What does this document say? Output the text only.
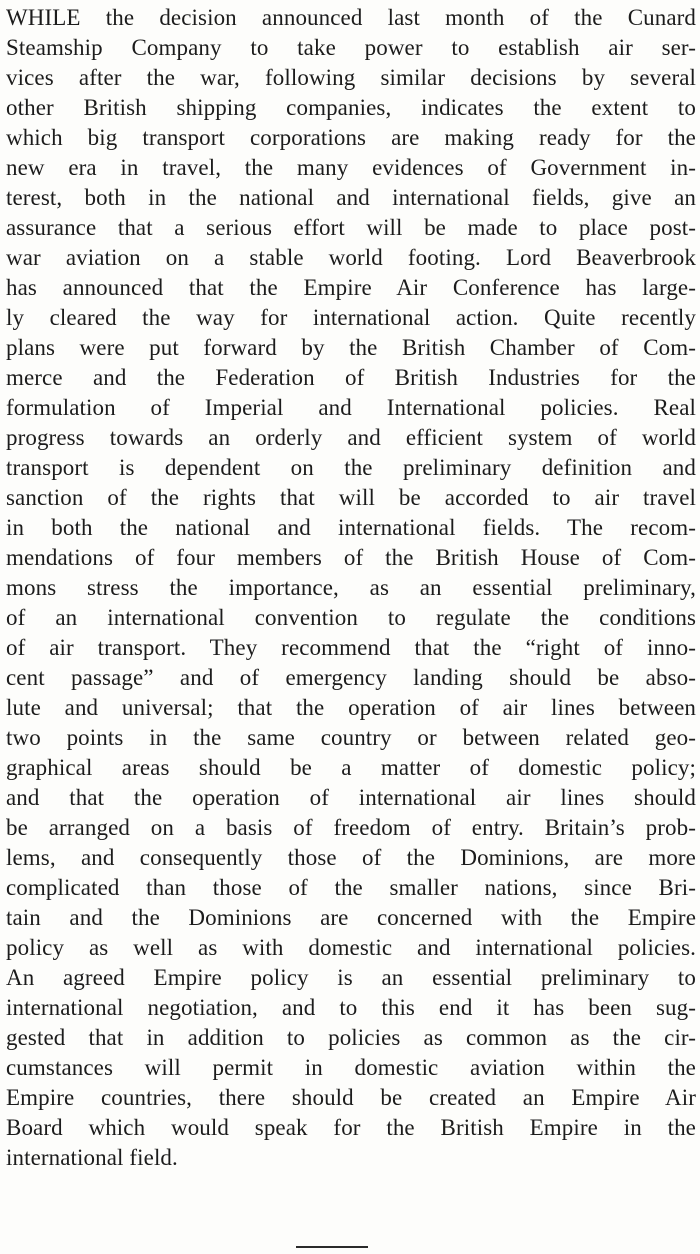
WHILE the decision announced last month of the Cunard
Steamship Company to take power to establish air ser-
vices after the war, following similar decisions by several
other British shipping companies, indicates the extent to
which big transport corporations are making ready for the
new era in travel, the many evidences of Government in-
terest, both in the national and international fields, give an
assurance that a serious effort will be made to place post-
war aviation on a stable world footing. Lord Beaverbrook
has announced that the Empire Air Conference has large-
ly cleared the way for international action. Quite recently
plans were put forward by the British Chamber of Com-
merce and the Federation of British Industries for the
formulation of Imperial and International policies. Real
progress towards an orderly and efficient system of world
transport is dependent on the preliminary definition and
sanction of the rights that will be accorded to air travel
in both the national and international fields. The recom-
mendations of four members of the British House of Com-
mons stress the importance, as an essential preliminary,
of an international convention to regulate the conditions
of air transport. They recommend that the “right of inno-
cent passage” and of emergency landing should be abso-
lute and universal; that the operation of air lines between
two points in the same country or between related geo-
graphical areas should be a matter of domestic policy;
and that the operation of international air lines should
be arranged on a basis of freedom of entry. Britain’s prob-
lems, and consequently those of the Dominions, are more
complicated than those of the smaller nations, since Bri-
tain and the Dominions are concerned with the Empire
policy as well as with domestic and international policies.
An agreed Empire policy is an essential preliminary to
international negotiation, and to this end it has been sug-
gested that in addition to policies as common as the cir-
cumstances will permit in domestic aviation within the
Empire countries, there should be created an Empire Air
Board which would speak for the British Empire in the
international field.
